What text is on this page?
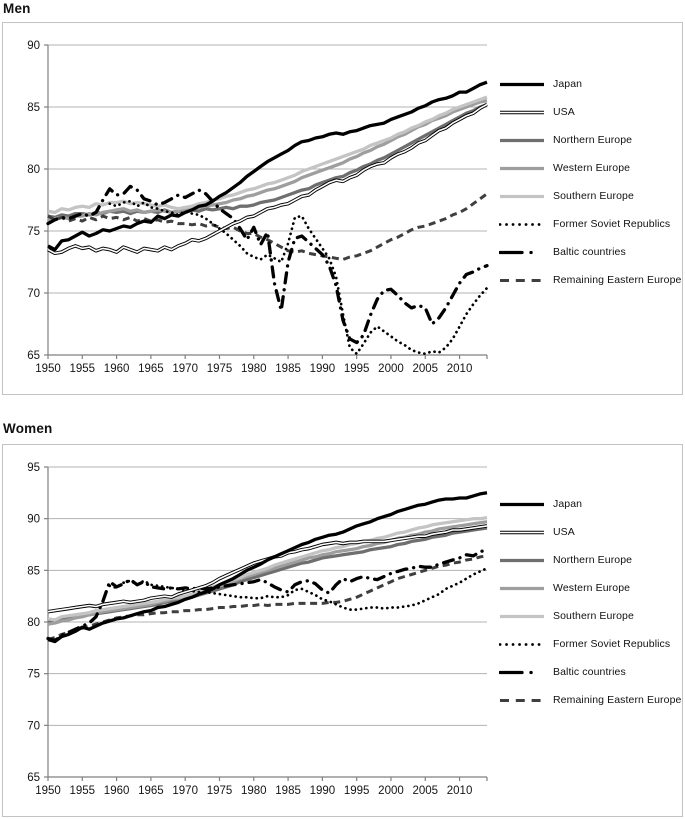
Men
90
85
80
75
70
65
1950 1955 1960 1965 1970 1975 1980 1985 1990 1995 2000 2005 2010
Japan
USA
Northern Europe
Western Europe
Southern Europe
Former Soviet Republics
Baltic countries
Remaining Eastern Europe
Women
95
90
85
80
75
70
65
1950 1955 1960 1965 1970 1975 1980 1985 1990 1995 2000 2005 2010
Japan
USA
Northern Europe
Western Europe
Southern Europe
Former Soviet Republics
Baltic countries
Remaining Eastern Europe
